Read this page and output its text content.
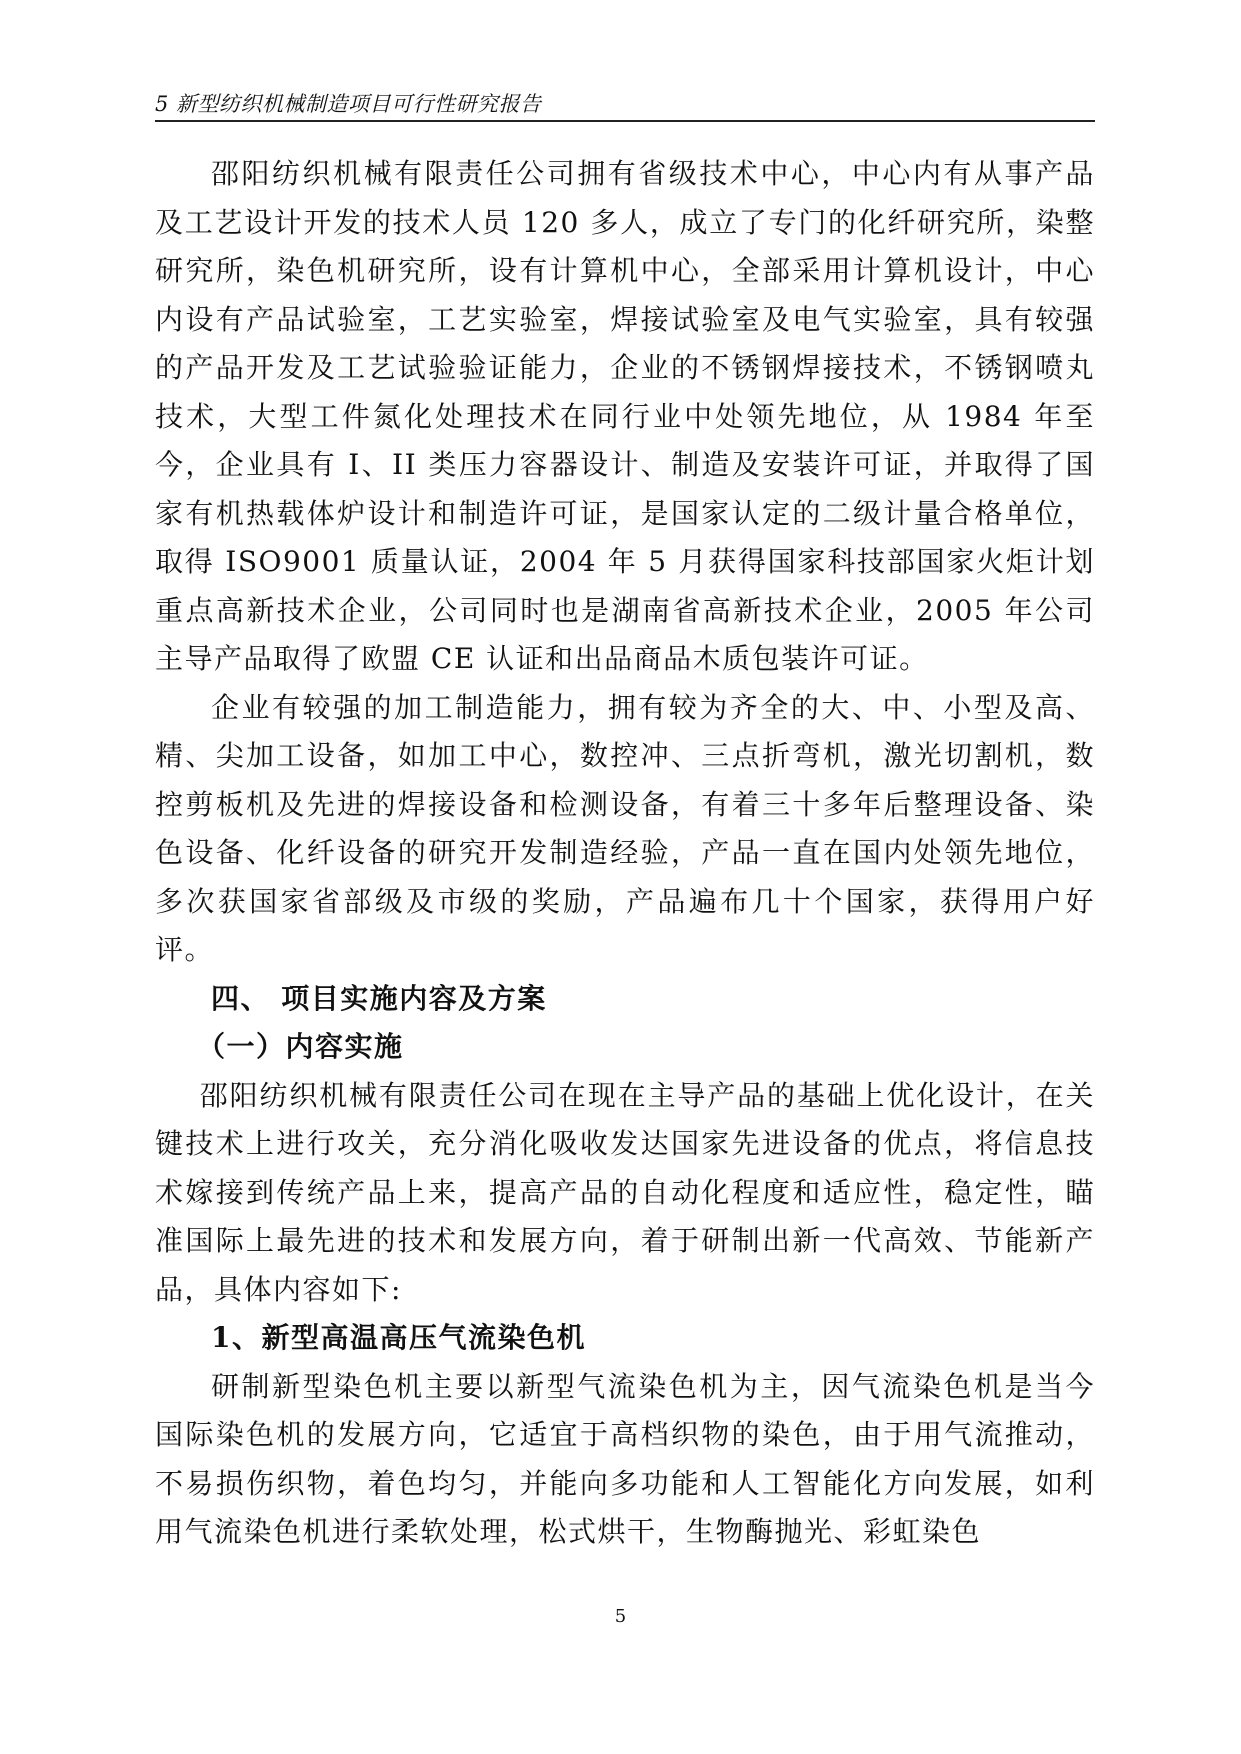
5 新型纺织机械制造项目可行性研究报告

邵阳纺织机械有限责任公司拥有省级技术中心，中心内有从事产品及工艺设计开发的技术人员 120 多人，成立了专门的化纤研究所，染整研究所，染色机研究所，设有计算机中心，全部采用计算机设计，中心内设有产品试验室，工艺实验室，焊接试验室及电气实验室，具有较强的产品开发及工艺试验验证能力，企业的不锈钢焊接技术，不锈钢喷丸技术，大型工件氮化处理技术在同行业中处领先地位，从 1984 年至今，企业具有 I、II 类压力容器设计、制造及安装许可证，并取得了国家有机热载体炉设计和制造许可证，是国家认定的二级计量合格单位，取得 ISO9001 质量认证，2004 年 5 月获得国家科技部国家火炬计划重点高新技术企业，公司同时也是湖南省高新技术企业，2005 年公司主导产品取得了欧盟 CE 认证和出品商品木质包装许可证。

企业有较强的加工制造能力，拥有较为齐全的大、中、小型及高、精、尖加工设备，如加工中心，数控冲、三点折弯机，激光切割机，数控剪板机及先进的焊接设备和检测设备，有着三十多年后整理设备、染色设备、化纤设备的研究开发制造经验，产品一直在国内处领先地位，多次获国家省部级及市级的奖励，产品遍布几十个国家，获得用户好评。

四、 项目实施内容及方案

（一）内容实施

邵阳纺织机械有限责任公司在现在主导产品的基础上优化设计，在关键技术上进行攻关，充分消化吸收发达国家先进设备的优点，将信息技术嫁接到传统产品上来，提高产品的自动化程度和适应性，稳定性，瞄准国际上最先进的技术和发展方向，着于研制出新一代高效、节能新产品，具体内容如下:

1、新型高温高压气流染色机

研制新型染色机主要以新型气流染色机为主，因气流染色机是当今国际染色机的发展方向，它适宜于高档织物的染色，由于用气流推动，不易损伤织物，着色均匀，并能向多功能和人工智能化方向发展，如利用气流染色机进行柔软处理，松式烘干，生物酶抛光、彩虹染色

5
